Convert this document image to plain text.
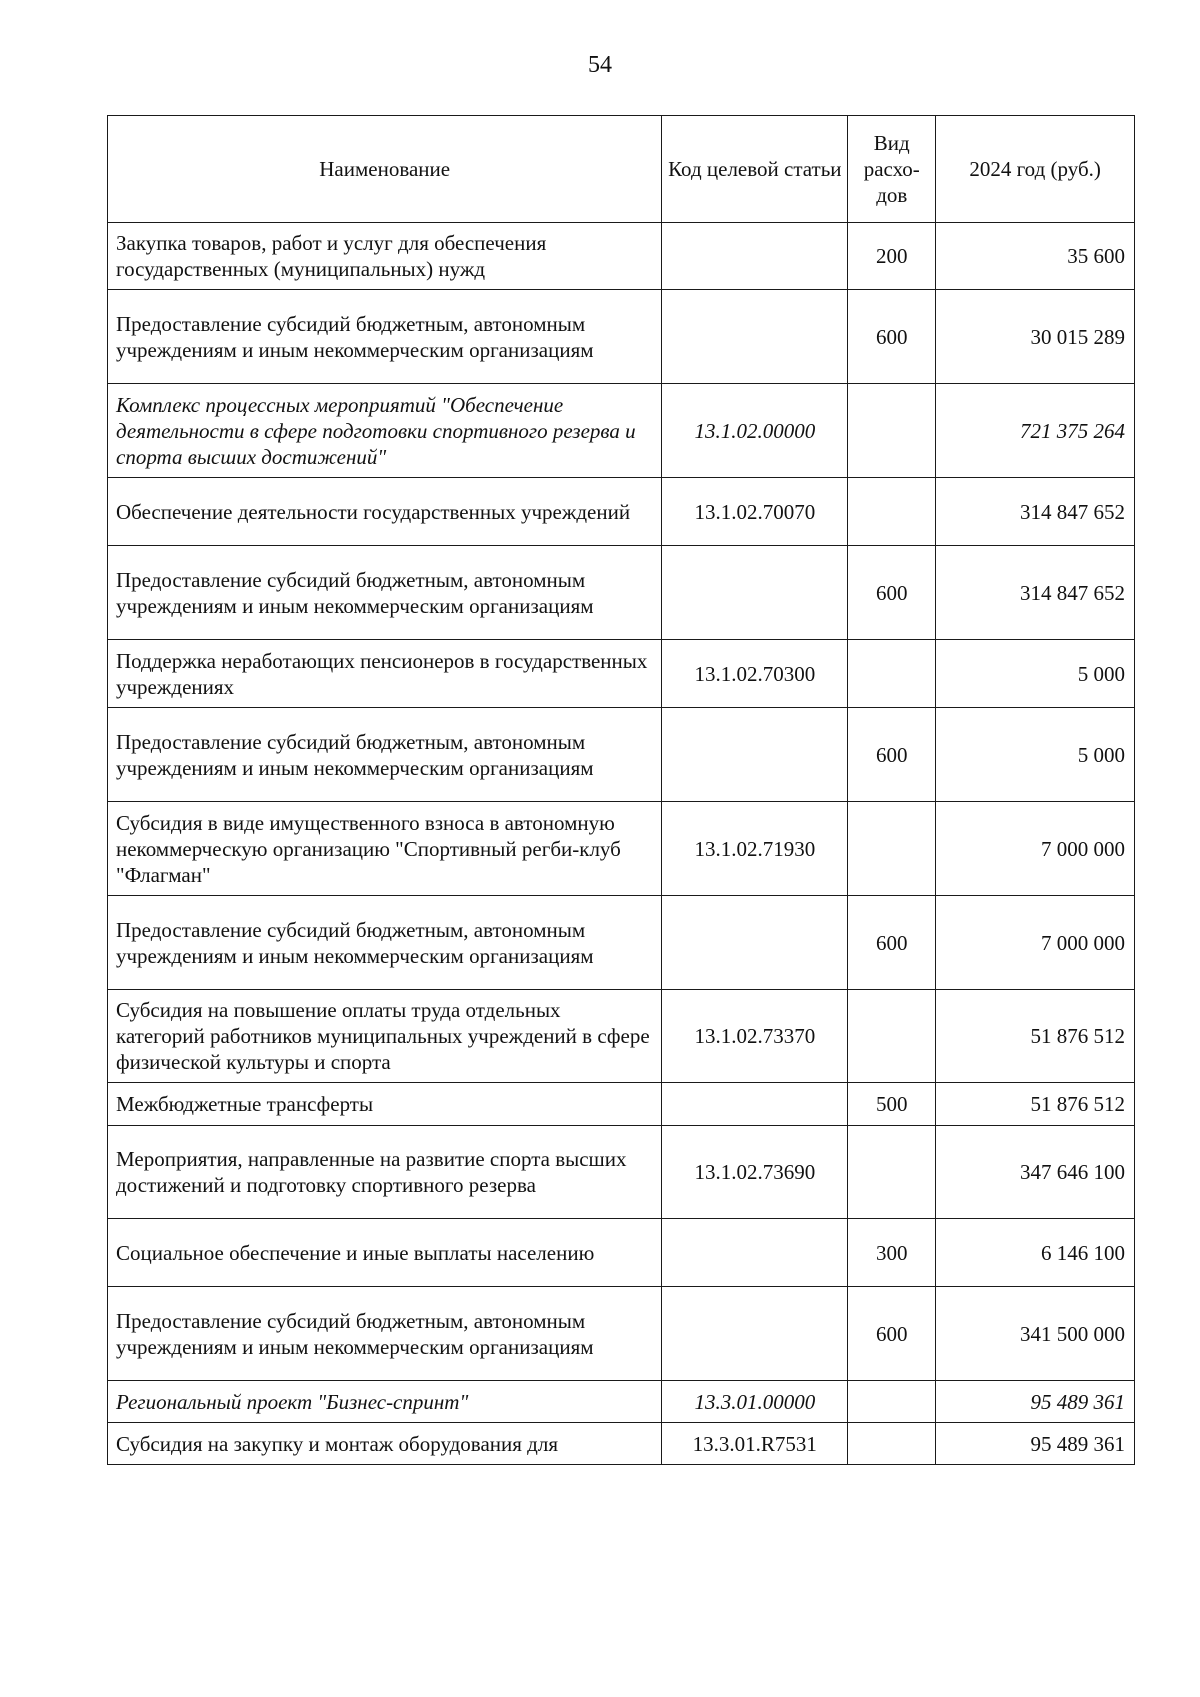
54
Наименование	Код целевой статьи	Вид расхо- дов	2024 год (руб.)
Закупка товаров, работ и услуг для обеспечения государственных (муниципальных) нужд		200	35 600
Предоставление субсидий бюджетным, автономным учреждениям и иным некоммерческим организациям		600	30 015 289
Комплекс процессных мероприятий "Обеспечение деятельности в сфере подготовки спортивного резерва и спорта высших достижений"	13.1.02.00000		721 375 264
Обеспечение деятельности государственных учреждений	13.1.02.70070		314 847 652
Предоставление субсидий бюджетным, автономным учреждениям и иным некоммерческим организациям		600	314 847 652
Поддержка неработающих пенсионеров в государственных учреждениях	13.1.02.70300		5 000
Предоставление субсидий бюджетным, автономным учреждениям и иным некоммерческим организациям		600	5 000
Субсидия в виде имущественного взноса в автономную некоммерческую организацию "Спортивный регби-клуб "Флагман"	13.1.02.71930		7 000 000
Предоставление субсидий бюджетным, автономным учреждениям и иным некоммерческим организациям		600	7 000 000
Субсидия на повышение оплаты труда отдельных категорий работников муниципальных учреждений в сфере физической культуры и спорта	13.1.02.73370		51 876 512
Межбюджетные трансферты		500	51 876 512
Мероприятия, направленные на развитие спорта высших достижений и подготовку спортивного резерва	13.1.02.73690		347 646 100
Социальное обеспечение и иные выплаты населению		300	6 146 100
Предоставление субсидий бюджетным, автономным учреждениям и иным некоммерческим организациям		600	341 500 000
Региональный проект "Бизнес-спринт"	13.3.01.00000		95 489 361
Субсидия на закупку и монтаж оборудования для	13.3.01.R7531		95 489 361
